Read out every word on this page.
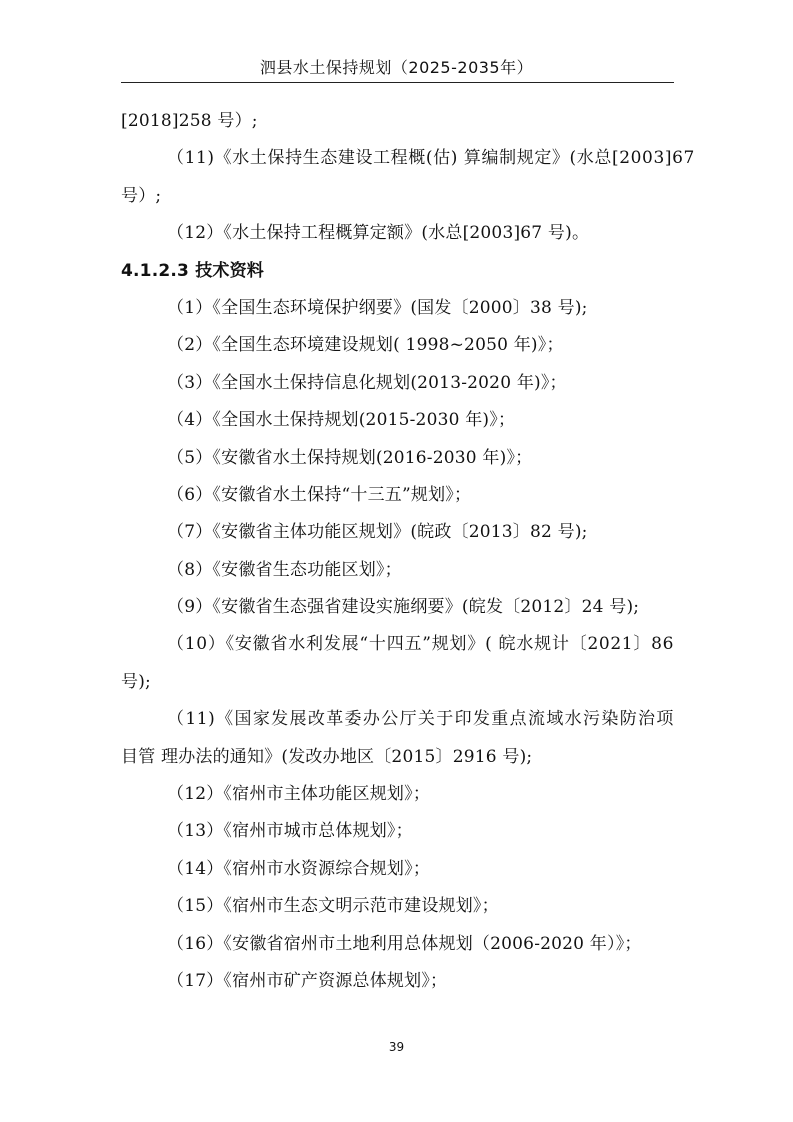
泗县水土保持规划（2025-2035年）
[2018]258 号）;
（11)《水土保持生态建设工程概(估) 算编制规定》(水总[2003]67
号）;
（12）《水土保持工程概算定额》(水总[2003]67 号)。
4.1.2.3 技术资料
（1）《全国生态环境保护纲要》(国发〔2000〕38 号);
（2）《全国生态环境建设规划( 1998~2050 年)》；
（3）《全国水土保持信息化规划(2013-2020 年)》；
（4）《全国水土保持规划(2015-2030 年)》；
（5）《安徽省水土保持规划(2016-2030 年)》；
（6）《安徽省水土保持“十三五”规划》；
（7）《安徽省主体功能区规划》(皖政〔2013〕82 号);
（8）《安徽省生态功能区划》；
（9）《安徽省生态强省建设实施纲要》(皖发〔2012〕24 号);
（10）《安徽省水利发展“十四五”规划》( 皖水规计〔2021〕86
号);
（11)《国家发展改革委办公厅关于印发重点流域水污染防治项
目管 理办法的通知》(发改办地区〔2015〕2916 号);
（12）《宿州市主体功能区规划》；
（13）《宿州市城市总体规划》；
（14）《宿州市水资源综合规划》；
（15）《宿州市生态文明示范市建设规划》；
（16）《安徽省宿州市土地利用总体规划（2006-2020 年）》；
（17）《宿州市矿产资源总体规划》；
39
